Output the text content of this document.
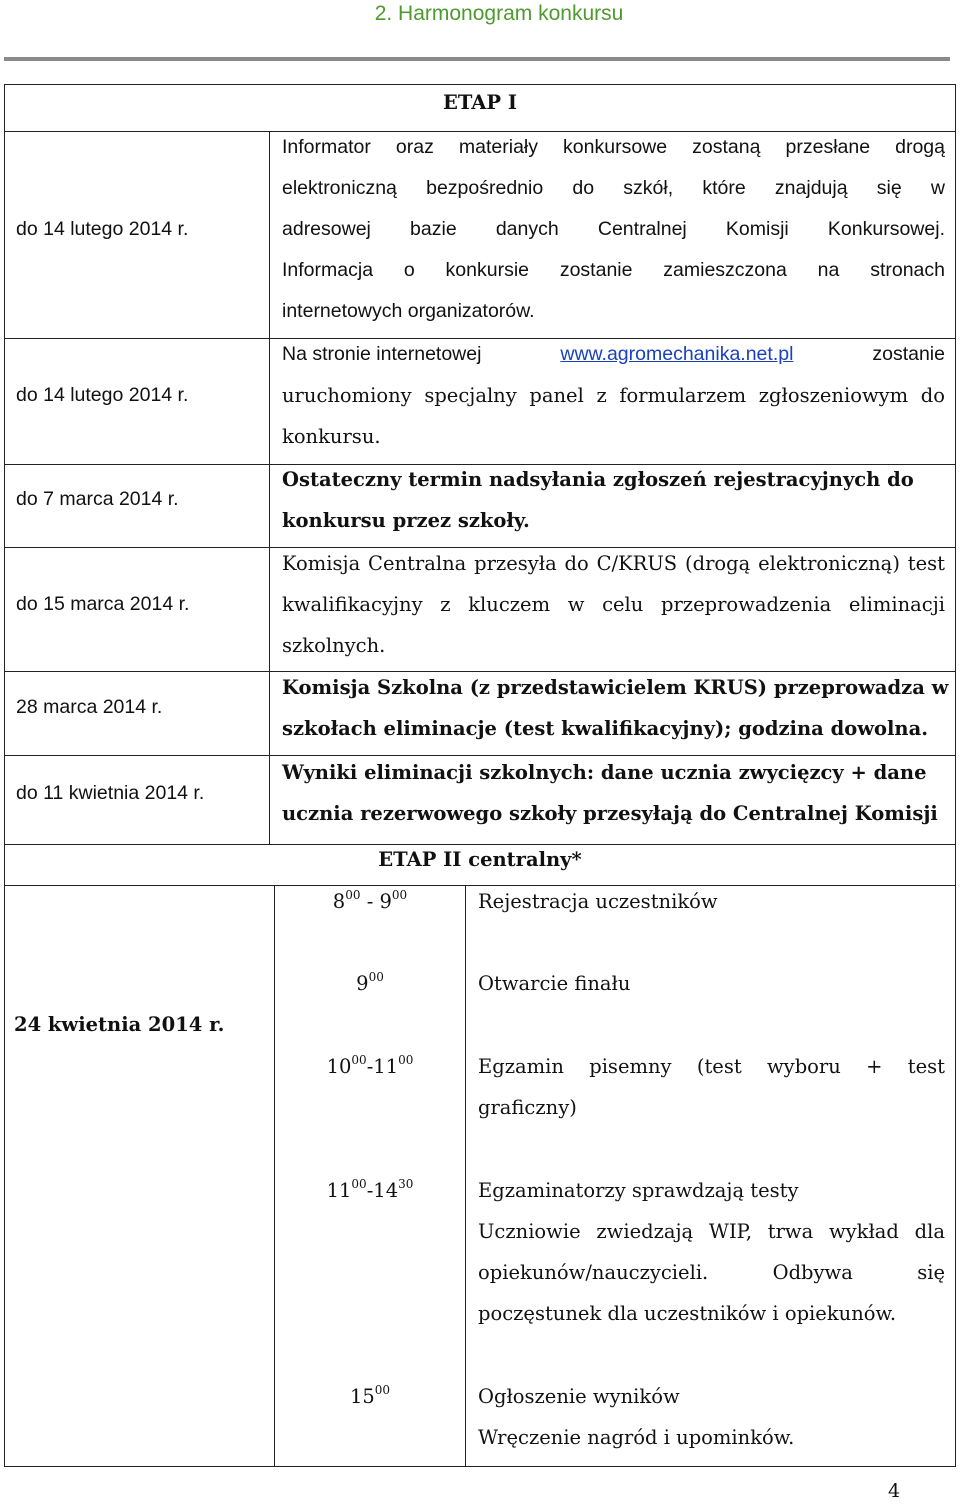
2. Harmonogram konkursu
ETAP I
do 14 lutego 2014 r.
Informator oraz materiały konkursowe zostaną przesłane drogą
elektroniczną bezpośrednio do szkół, które znajdują się w
adresowej bazie danych Centralnej Komisji Konkursowej.
Informacja o konkursie zostanie zamieszczona na stronach
internetowych organizatorów.
do 14 lutego 2014 r.
Na stronie internetowej	www.agromechanika.net.pl	zostanie
uruchomiony specjalny panel z formularzem zgłoszeniowym do
konkursu.
do 7 marca 2014 r.
Ostateczny termin nadsyłania zgłoszeń rejestracyjnych do
konkursu przez szkoły.
do 15 marca 2014 r.
Komisja Centralna przesyła do C/KRUS (drogą elektroniczną) test
kwalifikacyjny z kluczem w celu przeprowadzenia eliminacji
szkolnych.
28 marca 2014 r.
Komisja Szkolna (z przedstawicielem KRUS) przeprowadza w
szkołach eliminacje (test kwalifikacyjny); godzina dowolna.
do 11 kwietnia 2014 r.
Wyniki eliminacji szkolnych: dane ucznia zwycięzcy + dane
ucznia rezerwowego szkoły przesyłają do Centralnej Komisji
ETAP II centralny*
24 kwietnia 2014 r.
$8^{00} - 9^{00}$
$9^{00}$
$10^{00}-11^{00}$
$11^{00}-14^{30}$
$15^{00}$
Rejestracja uczestników
Otwarcie finału
Egzamin pisemny (test wyboru + test
graficzny)
Egzaminatorzy sprawdzają testy
Uczniowie zwiedzają WIP, trwa wykład dla
opiekunów/nauczycieli. Odbywa się
poczęstunek dla uczestników i opiekunów.
Ogłoszenie wyników
Wręczenie nagród i upominków.
4
